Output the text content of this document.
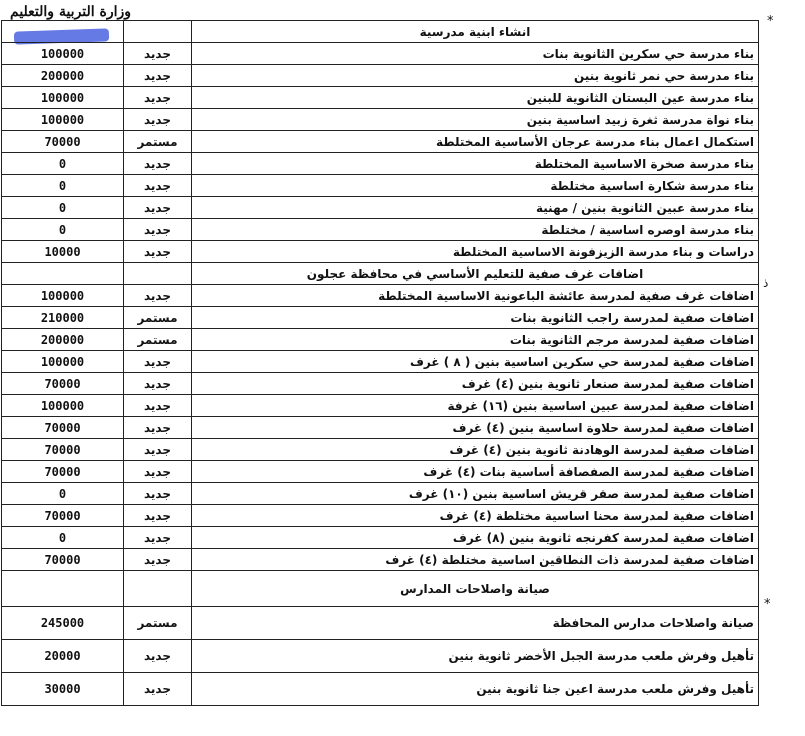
وزارة التربية والتعليم
*
ذ
*
		انشاء ابنية مدرسية
100000	جديد	بناء مدرسة حي سكرين الثانوية بنات
200000	جديد	بناء مدرسة حي نمر ثانوية بنين
100000	جديد	بناء مدرسة عين البستان الثانوية للبنين
100000	جديد	بناء نواة مدرسة ثغرة زبيد اساسية بنين
70000	مستمر	استكمال اعمال بناء مدرسة عرجان الأساسية المختلطة
0	جديد	بناء مدرسة صخرة الاساسية المختلطة
0	جديد	بناء مدرسة شكارة اساسية مختلطة
0	جديد	بناء مدرسة عبين الثانوية بنين / مهنية
0	جديد	بناء مدرسة اوصره اساسية / مختلطة
10000	جديد	دراسات و بناء مدرسة الزيزفونة الاساسية المختلطة
		اضافات غرف صفية للتعليم الأساسي في محافظة عجلون
100000	جديد	اضافات غرف صفية لمدرسة عائشة الباعونية الاساسية المختلطة
210000	مستمر	اضافات صفية لمدرسة راجب الثانوية بنات
200000	مستمر	اضافات صفية لمدرسة مرجم الثانوية بنات
100000	جديد	اضافات صفية لمدرسة حي سكرين اساسية بنين ( ٨ ) غرف
70000	جديد	اضافات صفية لمدرسة صنعار ثانوية بنين (٤) غرف
100000	جديد	اضافات صفية لمدرسة عبين اساسية بنين (١٦) غرفة
70000	جديد	اضافات صفية لمدرسة حلاوة اساسية بنين (٤) غرف
70000	جديد	اضافات صفية لمدرسة الوهادنة ثانوية بنين (٤) غرف
70000	جديد	اضافات صفية لمدرسة الصفصافة أساسية بنات (٤) غرف
0	جديد	اضافات صفية لمدرسة صقر قريش اساسية بنين (١٠) غرف
70000	جديد	اضافات صفية لمدرسة محنا اساسية مختلطة (٤) غرف
0	جديد	اضافات صفية لمدرسة كفرنجه ثانوية بنين (٨) غرف
70000	جديد	اضافات صفية لمدرسة ذات النطاقين اساسية مختلطة (٤) غرف
		صيانة واصلاحات المدارس
245000	مستمر	صيانة واصلاحات مدارس المحافظة
20000	جديد	تأهيل وفرش ملعب مدرسة الجبل الأخضر ثانوية بنين
30000	جديد	تأهيل وفرش ملعب مدرسة اعين جنا ثانوية بنين
